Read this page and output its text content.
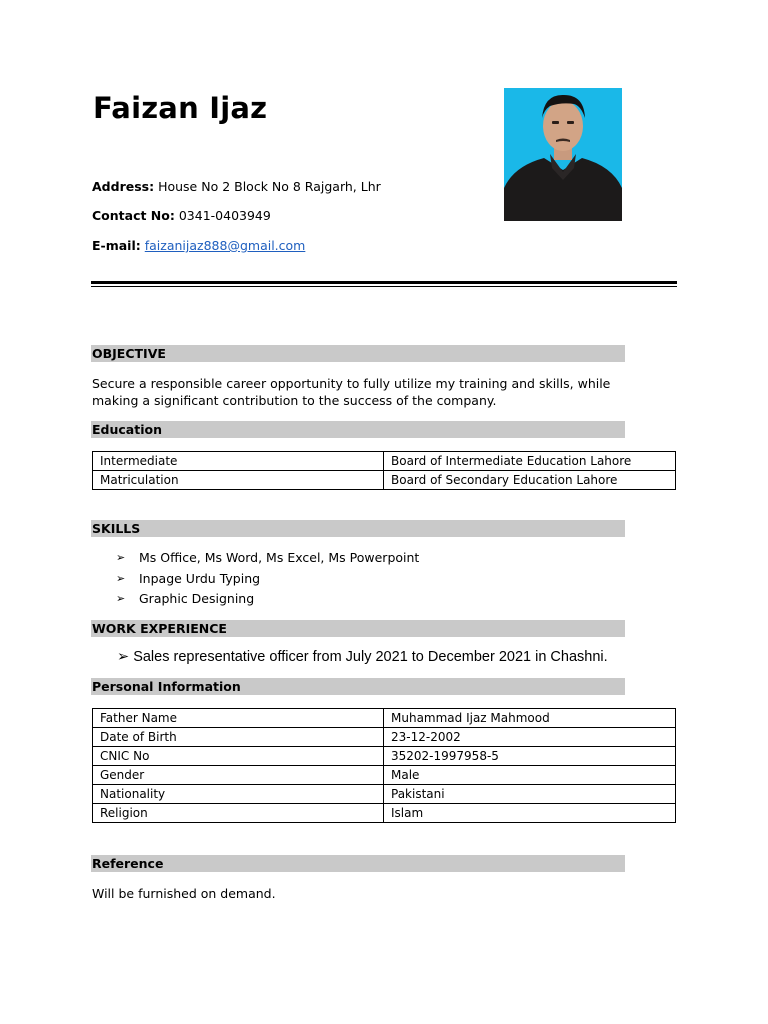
Faizan Ijaz
Address: House No 2 Block No 8 Rajgarh, Lhr
Contact No: 0341-0403949
E-mail: faizanijaz888@gmail.com
OBJECTIVE
Secure a responsible career opportunity to fully utilize my training and skills, while making a significant contribution to the success of the company.
Education
Intermediate	Board of Intermediate Education Lahore
Matriculation	Board of Secondary Education Lahore
SKILLS
➢	Ms Office, Ms Word, Ms Excel, Ms Powerpoint
➢	Inpage Urdu Typing
➢	Graphic Designing
WORK EXPERIENCE
➢ Sales representative officer from July 2021 to December 2021 in Chashni.
Personal Information
Father Name	Muhammad Ijaz Mahmood
Date of Birth	23-12-2002
CNIC No	35202-1997958-5
Gender	Male
Nationality	Pakistani
Religion	Islam
Reference
Will be furnished on demand.
